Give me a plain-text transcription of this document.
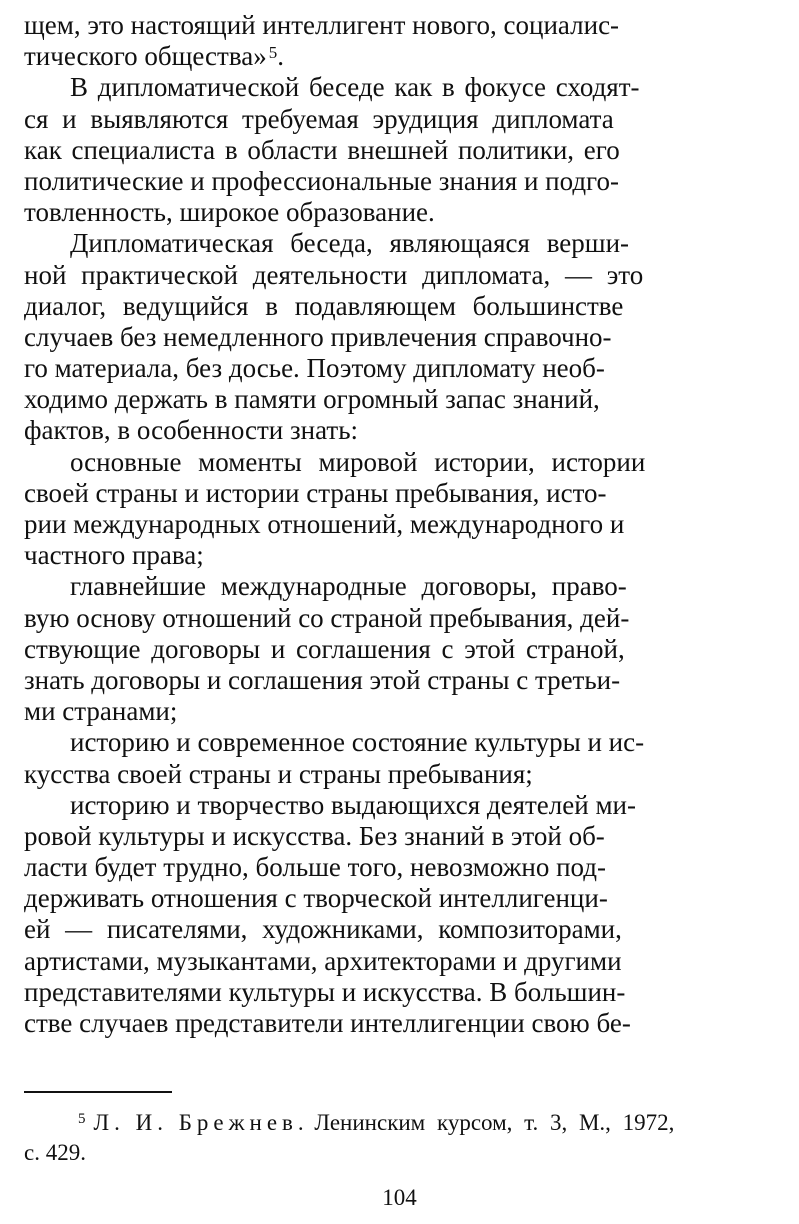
щем, это настоящий интеллигент нового, социалис-
тического общества» $^5$.
В дипломатической беседе как в фокусе сходят-
ся и выявляются требуемая эрудиция дипломата
как специалиста в области внешней политики, его
политические и профессиональные знания и подго-
товленность, широкое образование.
Дипломатическая беседа, являющаяся верши-
ной практической деятельности дипломата, — это
диалог, ведущийся в подавляющем большинстве
случаев без немедленного привлечения справочно-
го материала, без досье. Поэтому дипломату необ-
ходимо держать в памяти огромный запас знаний,
фактов, в особенности знать:
основные моменты мировой истории, истории
своей страны и истории страны пребывания, исто-
рии международных отношений, международного и
частного права;
главнейшие международные договоры, право-
вую основу отношений со страной пребывания, дей-
ствующие договоры и соглашения с этой страной,
знать договоры и соглашения этой страны с третьи-
ми странами;
историю и современное состояние культуры и ис-
кусства своей страны и страны пребывания;
историю и творчество выдающихся деятелей ми-
ровой культуры и искусства. Без знаний в этой об-
ласти будет трудно, больше того, невозможно под-
держивать отношения с творческой интеллигенци-
ей — писателями, художниками, композиторами,
артистами, музыкантами, архитекторами и другими
представителями культуры и искусства. В большин-
стве случаев представители интеллигенции свою бе-
$^5$ Л. И. Брежнев. Ленинским курсом, т. 3, М., 1972,
с. 429.
104
